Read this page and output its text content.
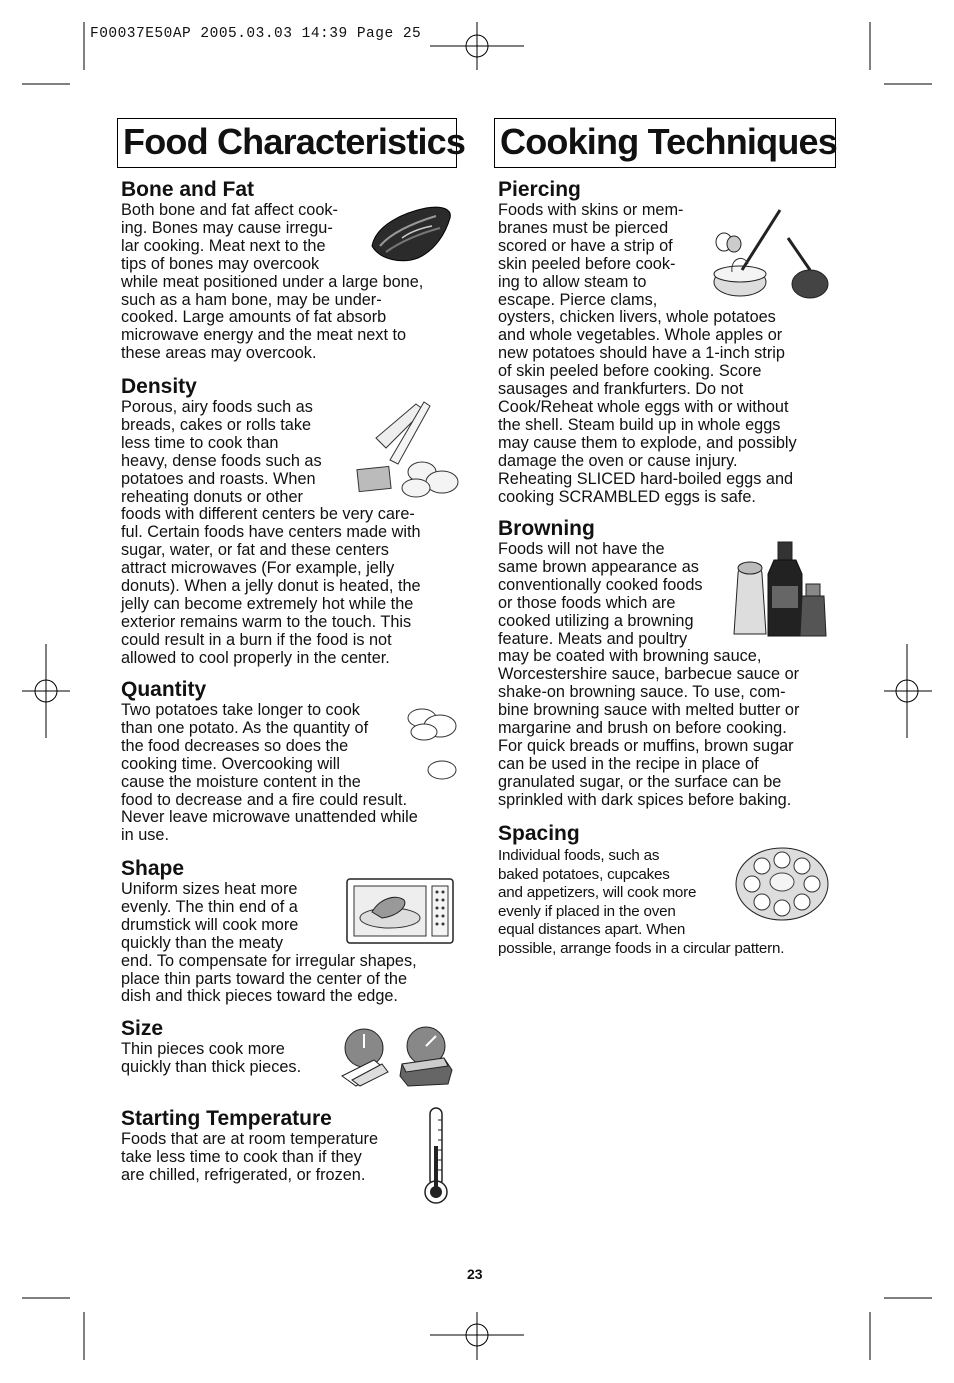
F00037E50AP 2005.03.03 14:39 Page 25
Food Characteristics Cooking Techniques
Bone and Fat
Both bone and fat affect cook-
ing. Bones may cause irregu-
lar cooking. Meat next to the
tips of bones may overcook
while meat positioned under a large bone,
such as a ham bone, may be under-
cooked. Large amounts of fat absorb
microwave energy and the meat next to
these areas may overcook.
Density
Porous, airy foods such as
breads, cakes or rolls take
less time to cook than
heavy, dense foods such as
potatoes and roasts. When
reheating donuts or other
foods with different centers be very care-
ful. Certain foods have centers made with
sugar, water, or fat and these centers
attract microwaves (For example, jelly
donuts). When a jelly donut is heated, the
jelly can become extremely hot while the
exterior remains warm to the touch. This
could result in a burn if the food is not
allowed to cool properly in the center.
Quantity
Two potatoes take longer to cook
than one potato. As the quantity of
the food decreases so does the
cooking time. Overcooking will
cause the moisture content in the
food to decrease and a fire could result.
Never leave microwave unattended while
in use.
Shape
Uniform sizes heat more
evenly. The thin end of a
drumstick will cook more
quickly than the meaty
end. To compensate for irregular shapes,
place thin parts toward the center of the
dish and thick pieces toward the edge.
Size
Thin pieces cook more
quickly than thick pieces.
Starting Temperature
Foods that are at room temperature
take less time to cook than if they
are chilled, refrigerated, or frozen.
Piercing
Foods with skins or mem-
branes must be pierced
scored or have a strip of
skin peeled before cook-
ing to allow steam to
escape. Pierce clams,
oysters, chicken livers, whole potatoes
and whole vegetables. Whole apples or
new potatoes should have a 1-inch strip
of skin peeled before cooking. Score
sausages and frankfurters. Do not
Cook/Reheat whole eggs with or without
the shell. Steam build up in whole eggs
may cause them to explode, and possibly
damage the oven or cause injury.
Reheating SLICED hard-boiled eggs and
cooking SCRAMBLED eggs is safe.
Browning
Foods will not have the
same brown appearance as
conventionally cooked foods
or those foods which are
cooked utilizing a browning
feature. Meats and poultry
may be coated with browning sauce,
Worcestershire sauce, barbecue sauce or
shake-on browning sauce. To use, com-
bine browning sauce with melted butter or
margarine and brush on before cooking.
For quick breads or muffins, brown sugar
can be used in the recipe in place of
granulated sugar, or the surface can be
sprinkled with dark spices before baking.
Spacing
Individual foods, such as
baked potatoes, cupcakes
and appetizers, will cook more
evenly if placed in the oven
equal distances apart. When
possible, arrange foods in a circular pattern.
23
